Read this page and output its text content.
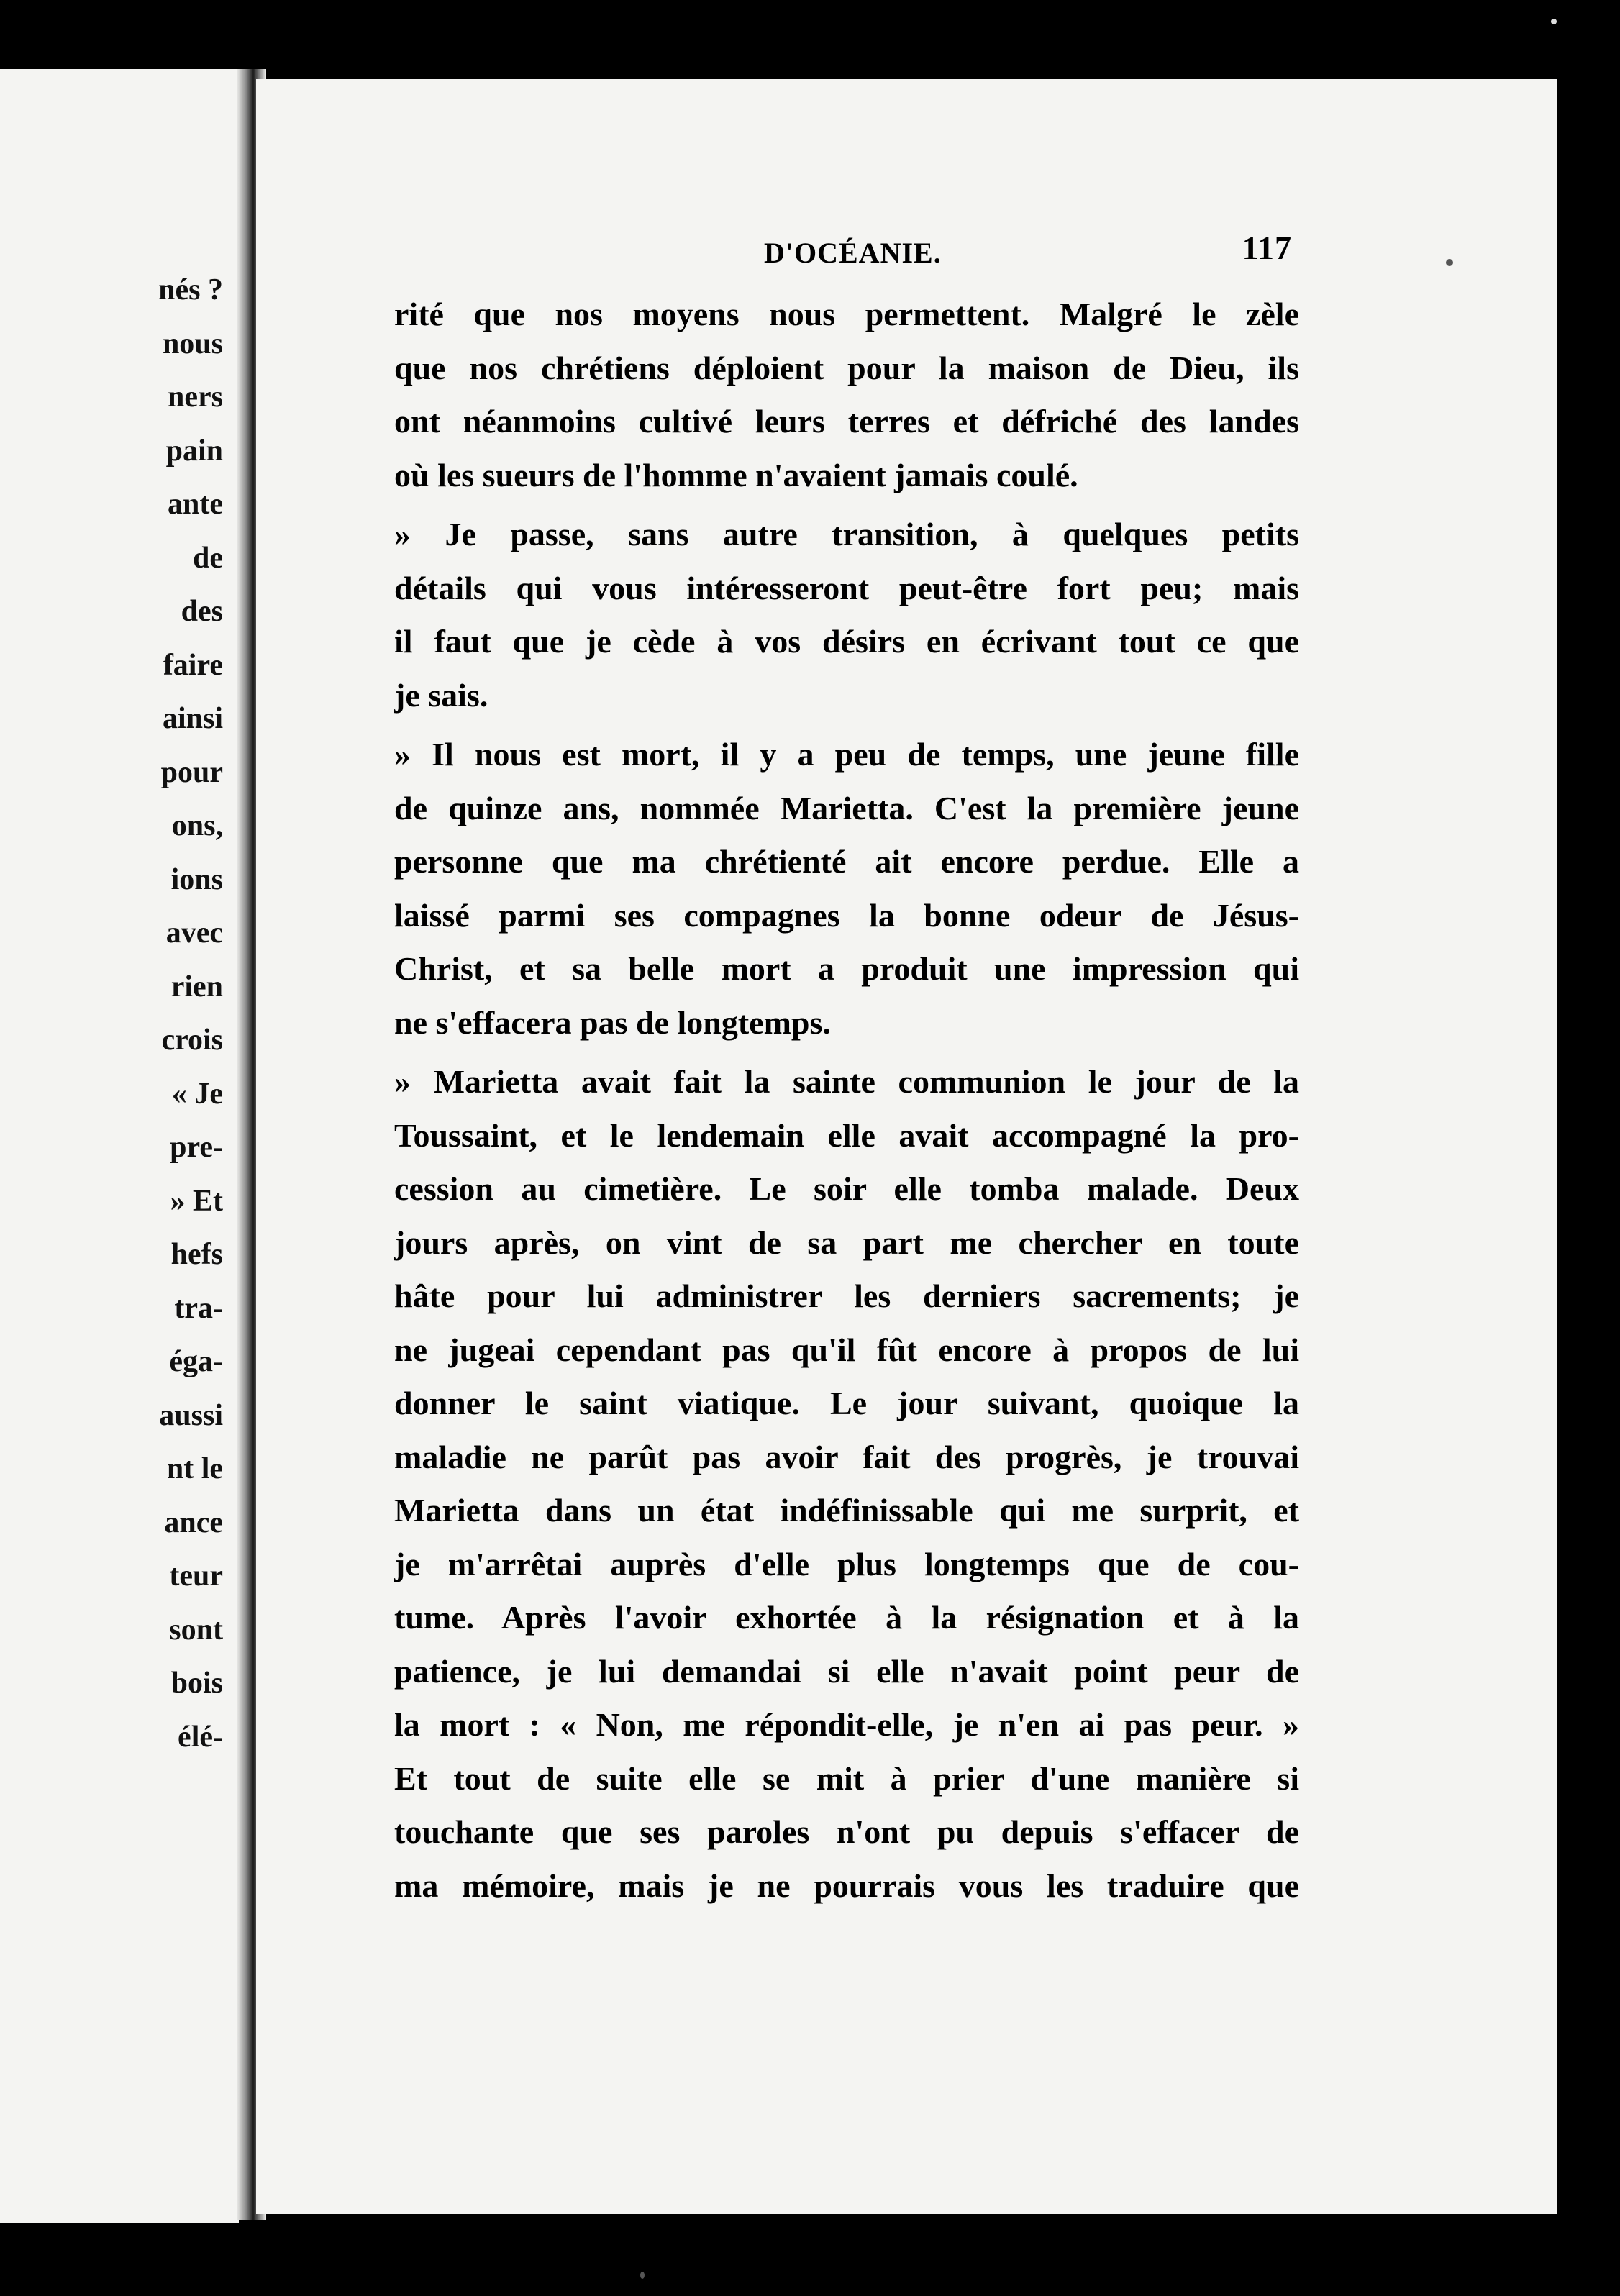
nés ?
nous
ners
pain
ante
de
des
faire
ainsi
pour
ons,
ions
avec
rien
crois
« Je
pre-
» Et
hefs
tra-
éga-
aussi
nt le
ance
teur
sont
bois
élé-
D'OCÉANIE.	117
rité que nos moyens nous permettent. Malgré le zèle
que nos chrétiens déploient pour la maison de Dieu, ils
ont néanmoins cultivé leurs terres et défriché des landes
où les sueurs de l'homme n'avaient jamais coulé.
» Je passe, sans autre transition, à quelques petits
détails qui vous intéresseront peut-être fort peu; mais
il faut que je cède à vos désirs en écrivant tout ce que
je sais.
» Il nous est mort, il y a peu de temps, une jeune fille
de quinze ans, nommée Marietta. C'est la première jeune
personne que ma chrétienté ait encore perdue. Elle a
laissé parmi ses compagnes la bonne odeur de Jésus-
Christ, et sa belle mort a produit une impression qui
ne s'effacera pas de longtemps.
» Marietta avait fait la sainte communion le jour de la
Toussaint, et le lendemain elle avait accompagné la pro-
cession au cimetière. Le soir elle tomba malade. Deux
jours après, on vint de sa part me chercher en toute
hâte pour lui administrer les derniers sacrements; je
ne jugeai cependant pas qu'il fût encore à propos de lui
donner le saint viatique. Le jour suivant, quoique la
maladie ne parût pas avoir fait des progrès, je trouvai
Marietta dans un état indéfinissable qui me surprit, et
je m'arrêtai auprès d'elle plus longtemps que de cou-
tume. Après l'avoir exhortée à la résignation et à la
patience, je lui demandai si elle n'avait point peur de
la mort : « Non, me répondit-elle, je n'en ai pas peur. »
Et tout de suite elle se mit à prier d'une manière si
touchante que ses paroles n'ont pu depuis s'effacer de
ma mémoire, mais je ne pourrais vous les traduire que
